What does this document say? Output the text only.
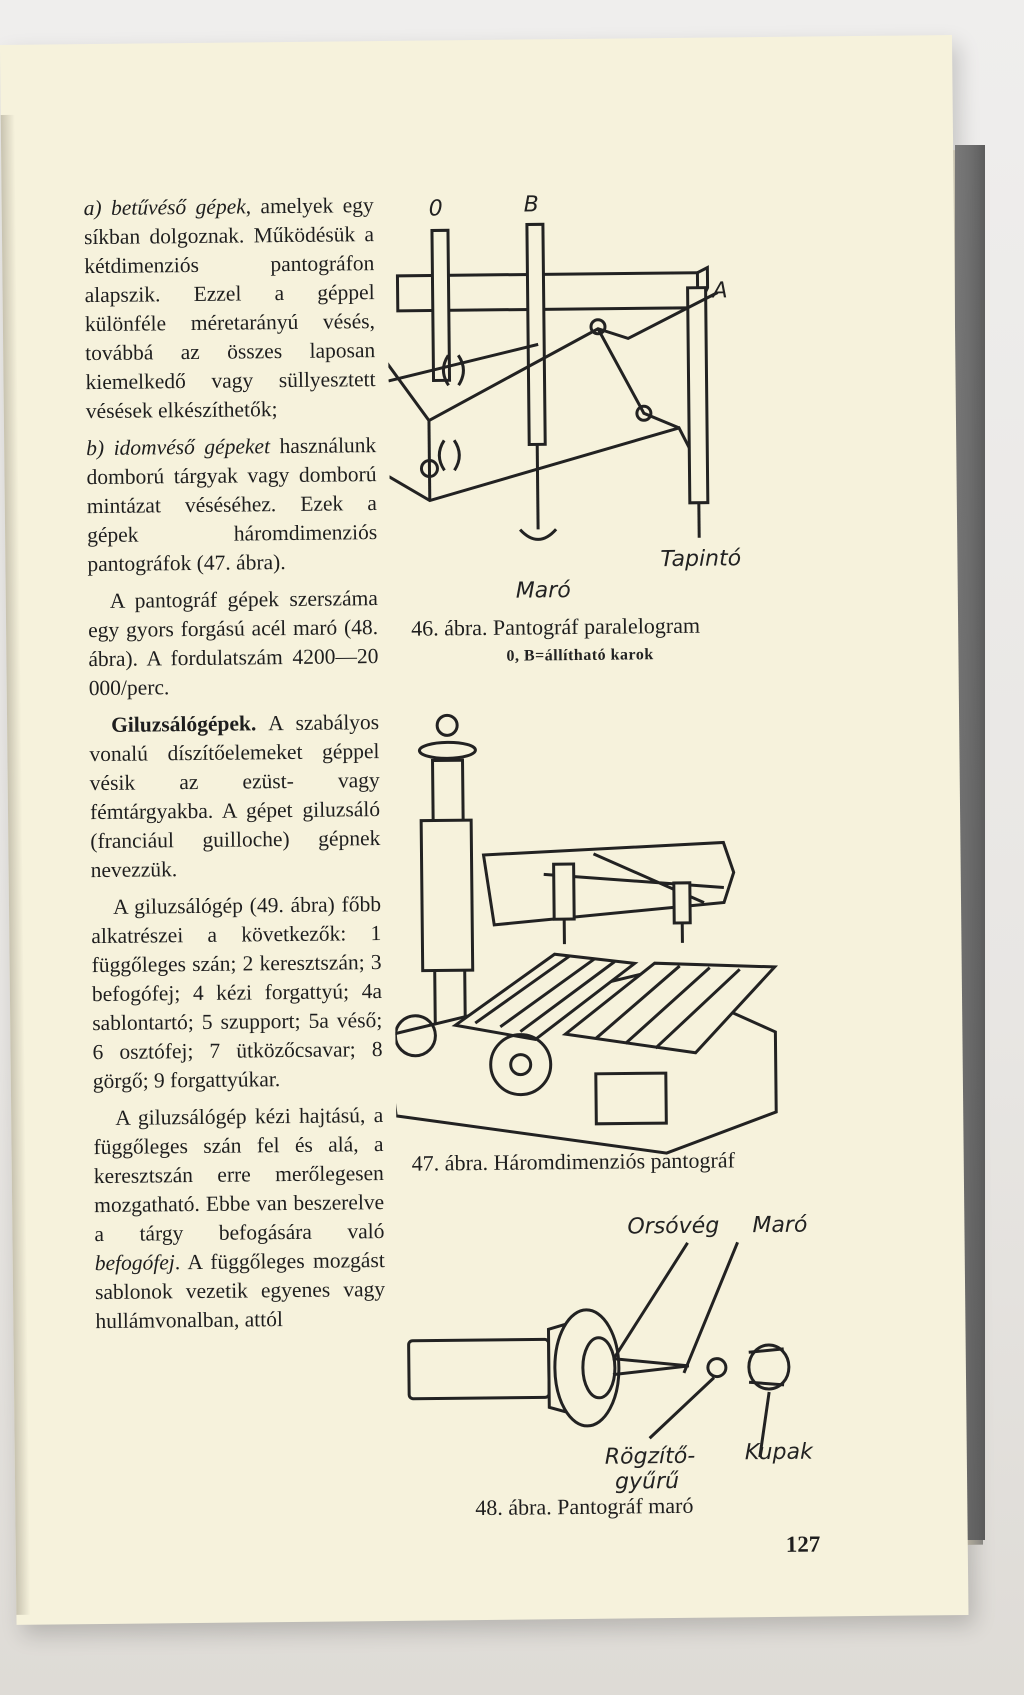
a) betűvéső gépek, amelyek egy síkban dolgoznak. Működésük a kétdimenziós pantográfon alapszik. Ezzel a géppel különféle méretarányú vésés, továbbá az összes laposan kiemelkedő vagy süllyesztett vésések elkészíthetők;

b) idomvéső gépeket használunk domború tárgyak vagy domború mintázat véséséhez. Ezek a gépek háromdimenziós pantográfok (47. ábra).

A pantográf gépek szerszáma egy gyors forgású acél maró (48. ábra). A fordulatszám 4200—20 000/perc.

Giluzsálógépek. A szabályos vonalú díszítőelemeket géppel vésik az ezüst- vagy fémtárgyakba. A gépet giluzsáló (franciául guilloche) gépnek nevezzük.

A giluzsálógép (49. ábra) főbb alkatrészei a következők: 1 függőleges szán; 2 keresztszán; 3 befogófej; 4 kézi forgattyú; 4a sablontartó; 5 szupport; 5a véső; 6 osztófej; 7 ütközőcsavar; 8 görgő; 9 forgattyúkar.

A giluzsálógép kézi hajtású, a függőleges szán fel és alá, a keresztszán erre merőlegesen mozgatható. Ebbe van beszerelve a tárgy befogására való befogófej. A függőleges mozgást sablonok vezetik egyenes vagy hullámvonalban, attól

0	B
A
Maró
Tapintó
46. ábra. Pantográf paralelogram
0, B=állítható karok
47. ábra. Háromdimenziós pantográf
Orsóvég Maró
Rögzítő-
gyűrű
Kupak
48. ábra. Pantográf maró
127
